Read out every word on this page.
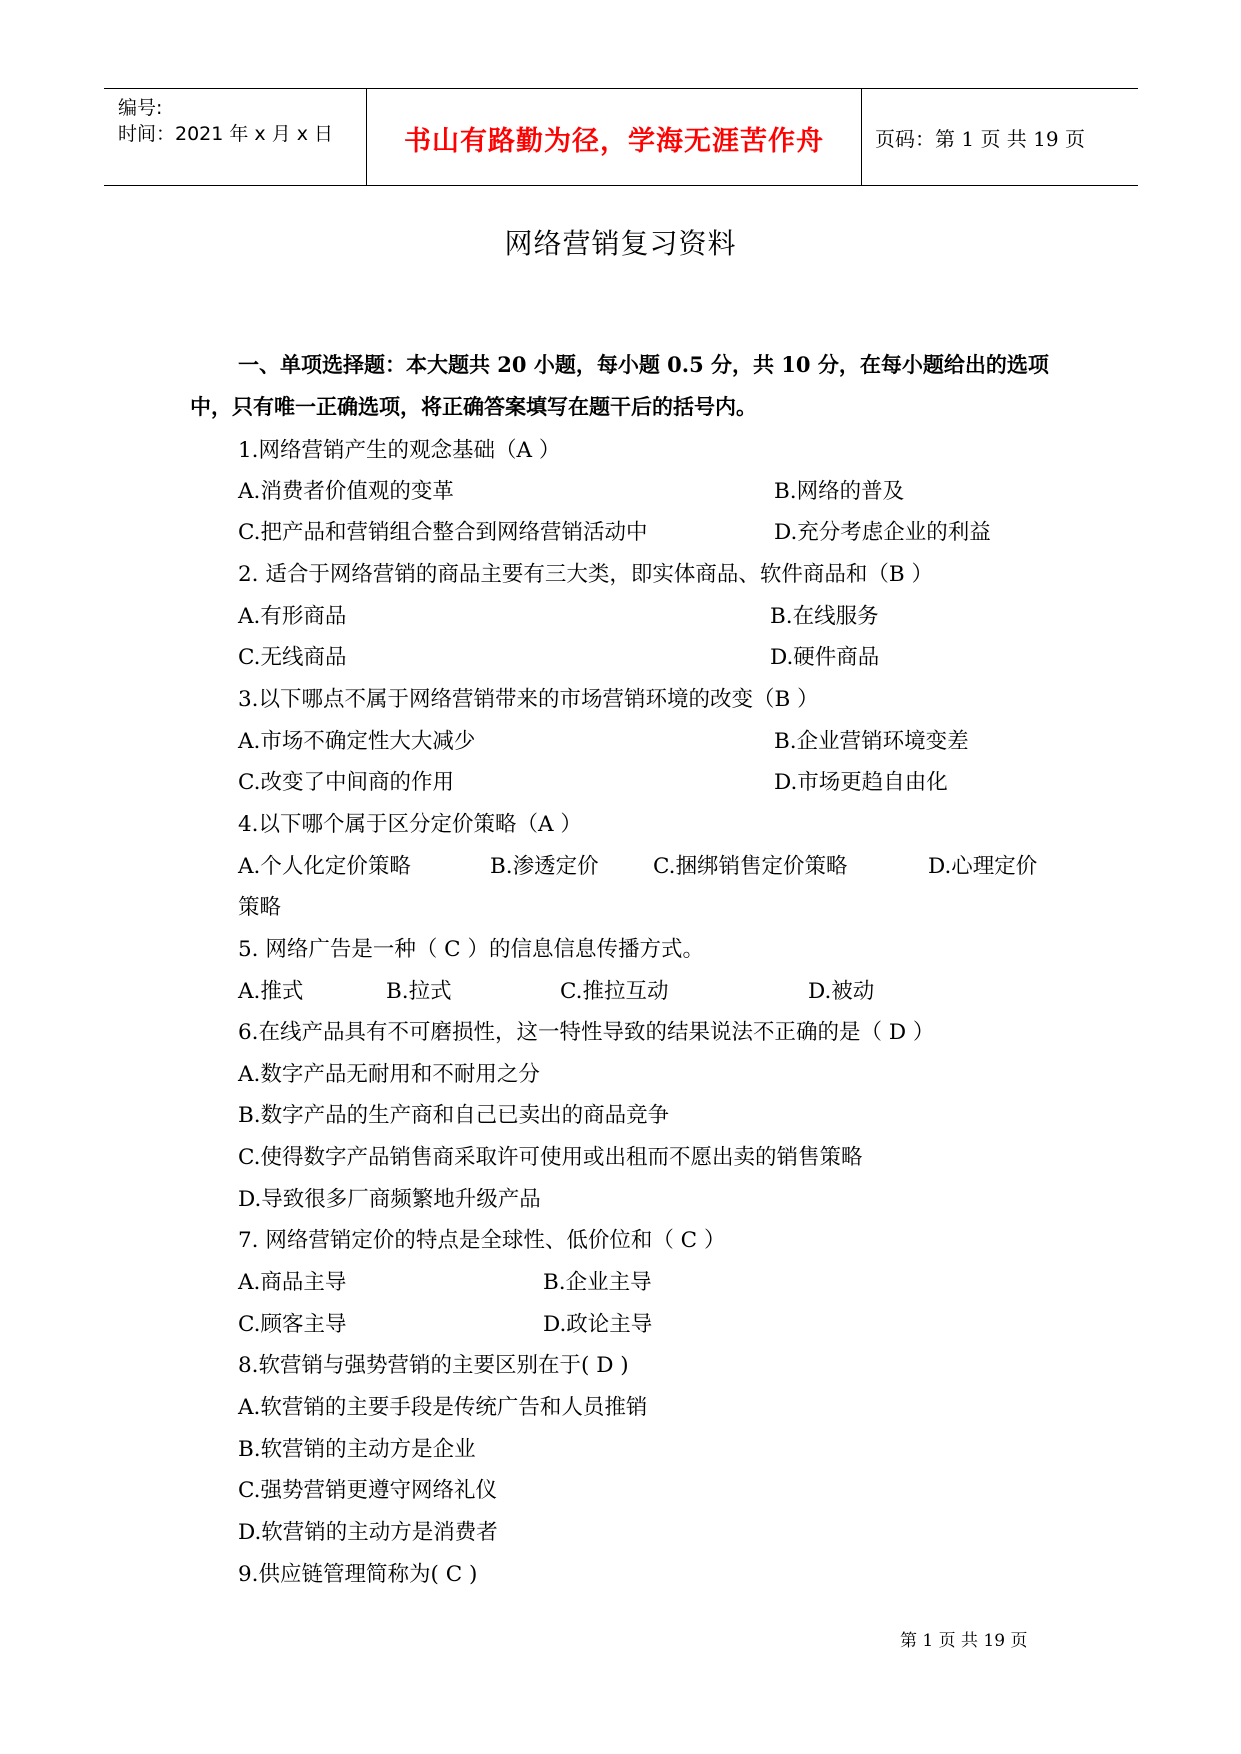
编号:
时间：2021 年 x 月 x 日	书山有路勤为径，学海无涯苦作舟	页码：第 1 页 共 19 页
网络营销复习资料
一、单项选择题：本大题共 20 小题，每小题 0.5 分，共 10 分，在每小题给出的选项中，只有唯一正确选项，将正确答案填写在题干后的括号内。
1.网络营销产生的观念基础（A ）
A.消费者价值观的变革	B.网络的普及
C.把产品和营销组合整合到网络营销活动中	D.充分考虑企业的利益
2. 适合于网络营销的商品主要有三大类，即实体商品、软件商品和（B ）
A.有形商品	B.在线服务
C.无线商品	D.硬件商品
3.以下哪点不属于网络营销带来的市场营销环境的改变（B ）
A.市场不确定性大大减少	B.企业营销环境变差
C.改变了中间商的作用	D.市场更趋自由化
4.以下哪个属于区分定价策略（A ）
A.个人化定价策略	B.渗透定价	C.捆绑销售定价策略	D.心理定价
策略
5. 网络广告是一种（ C ）的信息信息传播方式。
A.推式	B.拉式	C.推拉互动	D.被动
6.在线产品具有不可磨损性，这一特性导致的结果说法不正确的是（ D ）
A.数字产品无耐用和不耐用之分
B.数字产品的生产商和自己已卖出的商品竞争
C.使得数字产品销售商采取许可使用或出租而不愿出卖的销售策略
D.导致很多厂商频繁地升级产品
7. 网络营销定价的特点是全球性、低价位和（ C ）
A.商品主导	B.企业主导
C.顾客主导	D.政论主导
8.软营销与强势营销的主要区别在于( D )
A.软营销的主要手段是传统广告和人员推销
B.软营销的主动方是企业
C.强势营销更遵守网络礼仪
D.软营销的主动方是消费者
9.供应链管理简称为( C )
第 1 页 共 19 页
